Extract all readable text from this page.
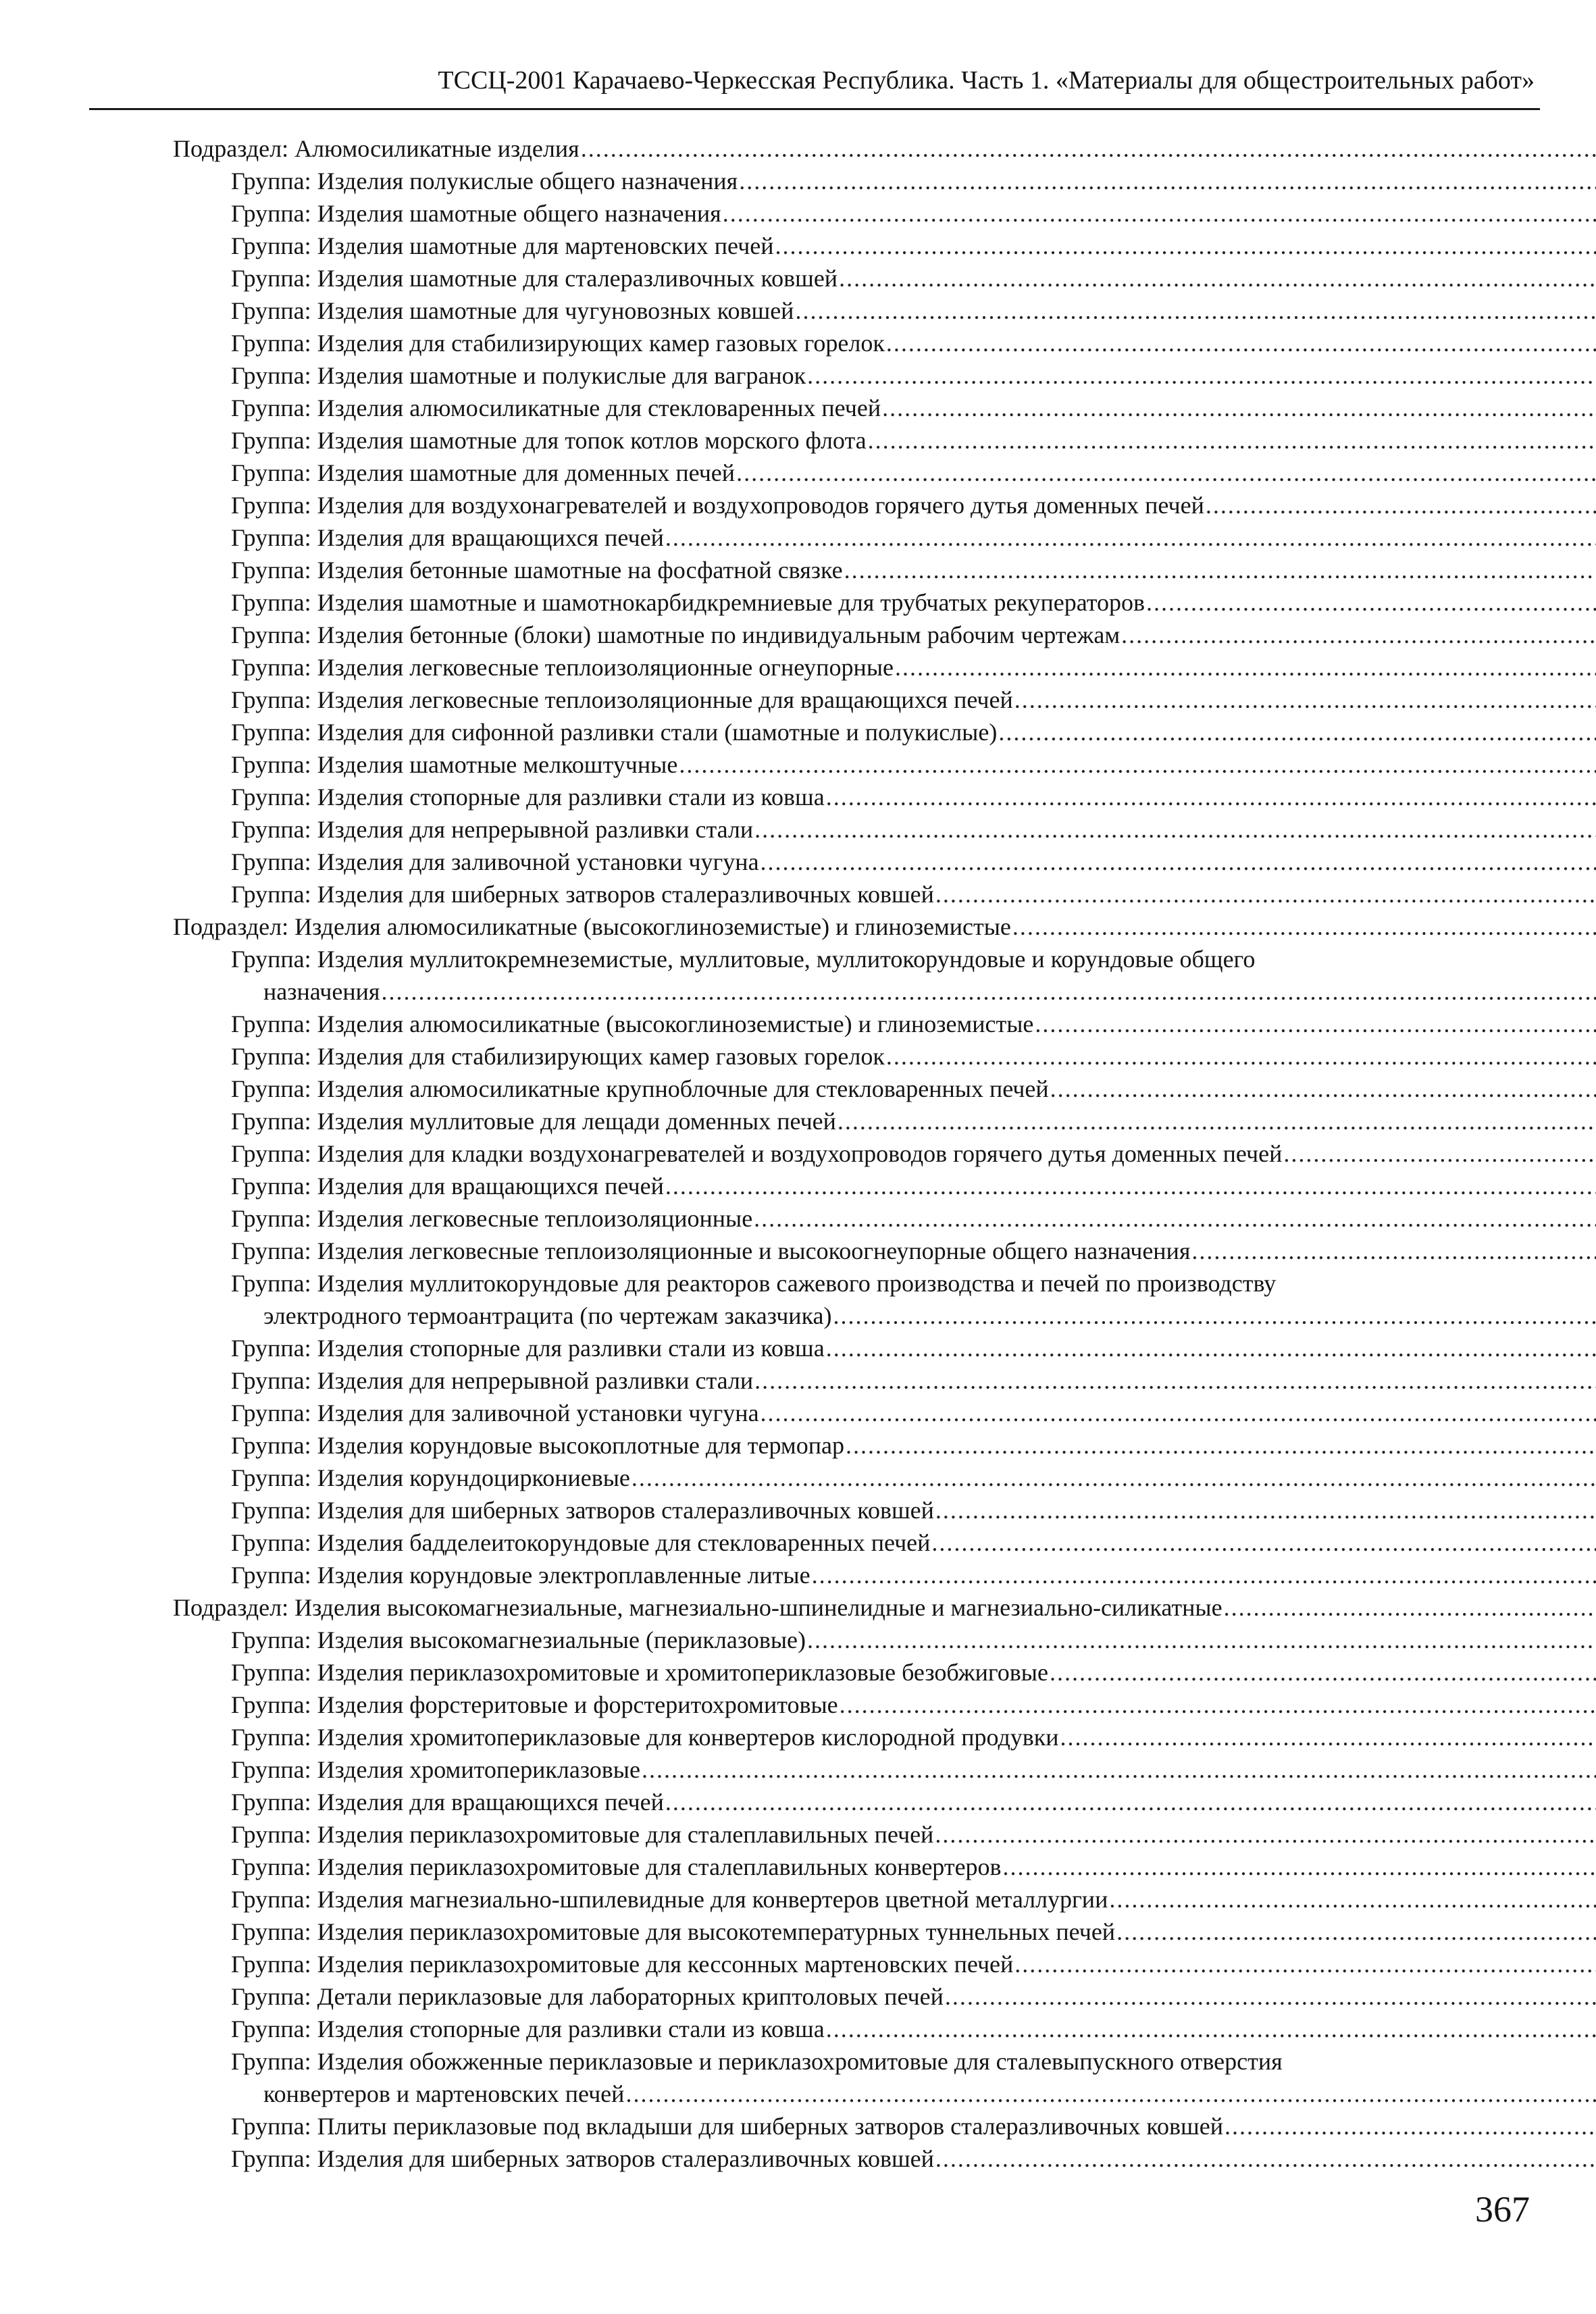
ТССЦ-2001 Карачаево-Черкесская Республика. Часть 1. «Материалы для общестроительных работ»
Подраздел: Алюмосиликатные изделия
.....
Группа: Изделия полукислые общего назначения
.....
Группа: Изделия шамотные общего назначения
.....
Группа: Изделия шамотные для мартеновских печей
.....
Группа: Изделия шамотные для сталеразливочных ковшей
.....
Группа: Изделия шамотные для чугуновозных ковшей
.....
Группа: Изделия для стабилизирующих камер газовых горелок
.....
Группа: Изделия шамотные и полукислые для вагранок
.....
Группа: Изделия алюмосиликатные для стекловаренных печей
.....
Группа: Изделия шамотные для топок котлов морского флота
.....
Группа: Изделия шамотные для доменных печей
.....
Группа: Изделия для воздухонагревателей и воздухопроводов горячего дутья доменных печей
.....
Группа: Изделия для вращающихся печей
.....
Группа: Изделия бетонные шамотные на фосфатной связке
.....
Группа: Изделия шамотные и шамотнокарбидкремниевые для трубчатых рекуператоров
.....
Группа: Изделия бетонные (блоки) шамотные по индивидуальным рабочим чертежам
.....
Группа: Изделия легковесные теплоизоляционные огнеупорные
.....
Группа: Изделия легковесные теплоизоляционные для вращающихся печей
.....
Группа: Изделия для сифонной разливки стали (шамотные и полукислые)
.....
Группа: Изделия шамотные мелкоштучные
.....
Группа: Изделия стопорные для разливки стали из ковша
.....
Группа: Изделия для непрерывной разливки стали
.....
Группа: Изделия для заливочной установки чугуна
.....
Группа: Изделия для шиберных затворов сталеразливочных ковшей
.....
Подраздел: Изделия алюмосиликатные (высокоглиноземистые) и глиноземистые
.....
Группа: Изделия муллитокремнеземистые, муллитовые, муллитокорундовые и корундовые общего
назначения
.....
Группа: Изделия алюмосиликатные (высокоглиноземистые) и глиноземистые
.....
Группа: Изделия для стабилизирующих камер газовых горелок
.....
Группа: Изделия алюмосиликатные крупноблочные для стекловаренных печей
.....
Группа: Изделия муллитовые для лещади доменных печей
.....
Группа: Изделия для кладки воздухонагревателей и воздухопроводов горячего дутья доменных печей
.....
Группа: Изделия для вращающихся печей
.....
Группа: Изделия легковесные теплоизоляционные
.....
Группа: Изделия легковесные теплоизоляционные и высокоогнеупорные общего назначения
.....
Группа: Изделия муллитокорундовые для реакторов сажевого производства и печей по производству
электродного термоантрацита (по чертежам заказчика)
.....
Группа: Изделия стопорные для разливки стали из ковша
.....
Группа: Изделия для непрерывной разливки стали
.....
Группа: Изделия для заливочной установки чугуна
.....
Группа: Изделия корундовые высокоплотные для термопар
.....
Группа: Изделия корундоциркониевые
.....
Группа: Изделия для шиберных затворов сталеразливочных ковшей
.....
Группа: Изделия бадделеитокорундовые для стекловаренных печей
.....
Группа: Изделия корундовые электроплавленные литые
.....
Подраздел: Изделия высокомагнезиальные, магнезиально-шпинелидные и магнезиально-силикатные
.....
Группа: Изделия высокомагнезиальные (периклазовые)
.....
Группа: Изделия периклазохромитовые и хромитопериклазовые безобжиговые
.....
Группа: Изделия форстеритовые и форстеритохромитовые
.....
Группа: Изделия хромитопериклазовые для конвертеров кислородной продувки
.....
Группа: Изделия хромитопериклазовые
.....
Группа: Изделия для вращающихся печей
.....
Группа: Изделия периклазохромитовые для сталеплавильных печей
.....
Группа: Изделия периклазохромитовые для сталеплавильных конвертеров
.....
Группа: Изделия магнезиально-шпилевидные для конвертеров цветной металлургии
.....
Группа: Изделия периклазохромитовые для высокотемпературных туннельных печей
.....
Группа: Изделия периклазохромитовые для кессонных мартеновских печей
.....
Группа: Детали периклазовые для лабораторных криптоловых печей
.....
Группа: Изделия стопорные для разливки стали из ковша
.....
Группа: Изделия обожженные периклазовые и периклазохромитовые для сталевыпускного отверстия
конвертеров и мартеновских печей
.....
Группа: Плиты периклазовые под вкладыши для шиберных затворов сталеразливочных ковшей
.....
Группа: Изделия для шиберных затворов сталеразливочных ковшей
.....
367
